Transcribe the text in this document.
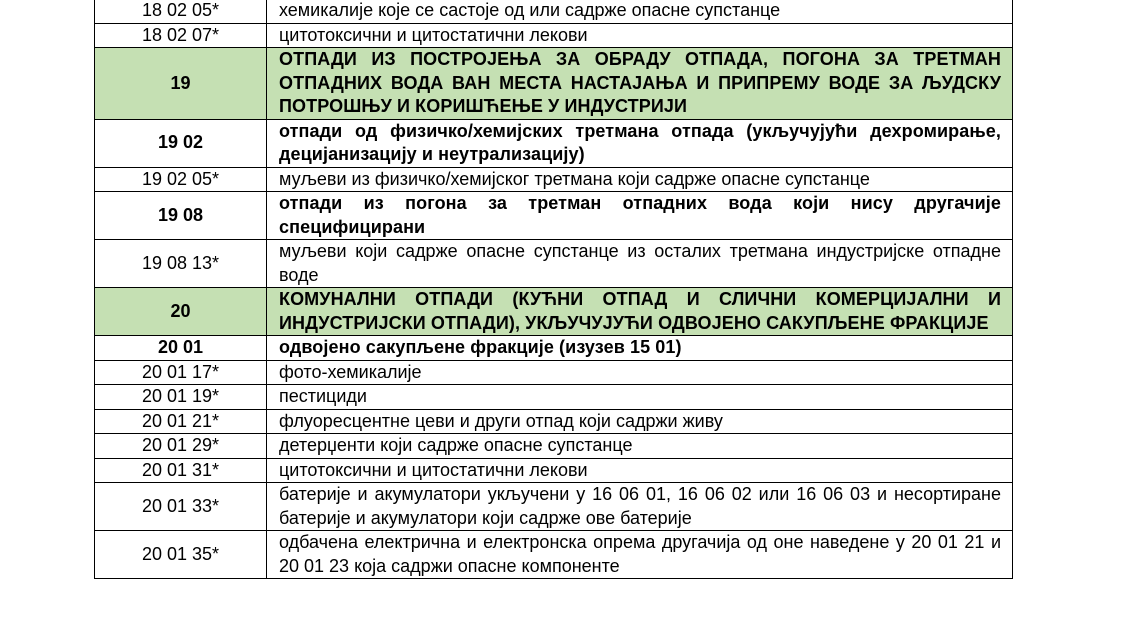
18 02 05*	хемикалије које се састоје од или садрже опасне супстанце
18 02 07*	цитотоксични и цитостатични лекови
19	ОТПАДИ ИЗ ПОСТРОЈЕЊА ЗА ОБРАДУ ОТПАДА, ПОГОНА ЗА ТРЕТМАН ОТПАДНИХ ВОДА ВАН МЕСТА НАСТАЈАЊА И ПРИПРЕМУ ВОДЕ ЗА ЉУДСКУ ПОТРОШЊУ И КОРИШЋЕЊЕ У ИНДУСТРИЈИ
19 02	отпади од физичко/хемијских третмана отпада (укључујући дехромирање, децијанизацију и неутрализацију)
19 02 05*	муљеви из физичко/хемијског третмана који садрже опасне супстанце
19 08	отпади из погона за третман отпадних вода који нису другачије специфицирани
19 08 13*	муљеви који садрже опасне супстанце из осталих третмана индустријске отпадне воде
20	КОМУНАЛНИ ОТПАДИ (КУЋНИ ОТПАД И СЛИЧНИ КОМЕРЦИЈАЛНИ И ИНДУСТРИЈСКИ ОТПАДИ), УКЉУЧУЈУЋИ ОДВОЈЕНО САКУПЉЕНЕ ФРАКЦИЈЕ
20 01	одвојено сакупљене фракције (изузев 15 01)
20 01 17*	фото-хемикалије
20 01 19*	пестициди
20 01 21*	флуоресцентне цеви и други отпад који садржи живу
20 01 29*	детерџенти који садрже опасне супстанце
20 01 31*	цитотоксични и цитостатични лекови
20 01 33*	батерије и акумулатори укључени у 16 06 01, 16 06 02 или 16 06 03 и несортиране батерије и акумулатори који садрже ове батерије
20 01 35*	одбачена електрична и електронска опрема другачија од оне наведене у 20 01 21 и 20 01 23 која садржи опасне компоненте
